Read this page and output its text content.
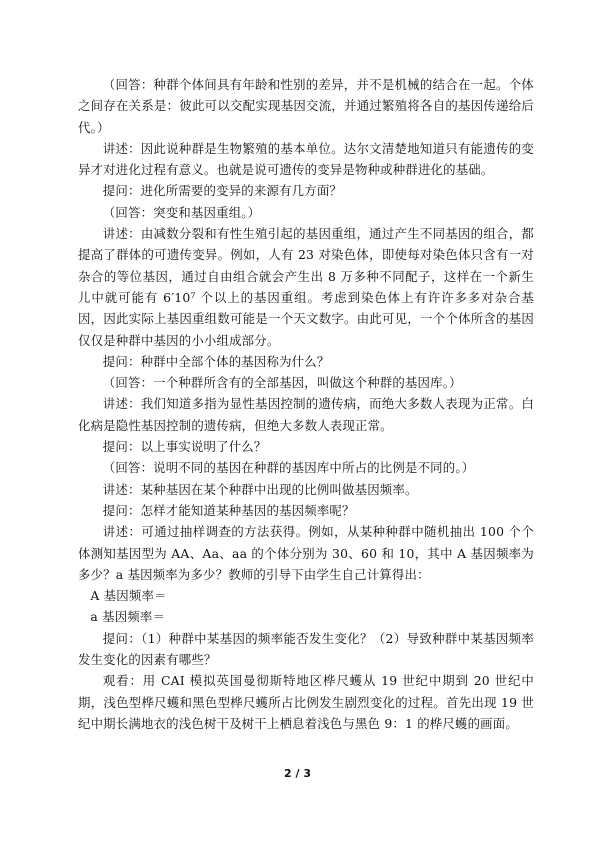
（回答：种群个体间具有年龄和性别的差异，并不是机械的结合在一起。个体之间存在关系是：彼此可以交配实现基因交流，并通过繁殖将各自的基因传递给后代。）

讲述：因此说种群是生物繁殖的基本单位。达尔文清楚地知道只有能遗传的变异才对进化过程有意义。也就是说可遗传的变异是物种或种群进化的基础。

提问：进化所需要的变异的来源有几方面？

（回答：突变和基因重组。）

讲述：由减数分裂和有性生殖引起的基因重组，通过产生不同基因的组合，都提高了群体的可遗传变异。例如，人有 23 对染色体，即使每对染色体只含有一对杂合的等位基因，通过自由组合就会产生出 8 万多种不同配子，这样在一个新生儿中就可能有 6′10⁷ 个以上的基因重组。考虑到染色体上有许许多多对杂合基因，因此实际上基因重组数可能是一个天文数字。由此可见，一个个体所含的基因仅仅是种群中基因的小小组成部分。

提问：种群中全部个体的基因称为什么？

（回答：一个种群所含有的全部基因，叫做这个种群的基因库。）

讲述：我们知道多指为显性基因控制的遗传病，而绝大多数人表现为正常。白化病是隐性基因控制的遗传病，但绝大多数人表现正常。

提问：以上事实说明了什么？

（回答：说明不同的基因在种群的基因库中所占的比例是不同的。）

讲述：某种基因在某个种群中出现的比例叫做基因频率。

提问：怎样才能知道某种基因的基因频率呢？

讲述：可通过抽样调查的方法获得。例如，从某种种群中随机抽出 100 个个体测知基因型为 AA、Aa、aa 的个体分别为 30、60 和 10，其中 A 基因频率为多少？a 基因频率为多少？教师的引导下由学生自己计算得出：

A 基因频率＝

a 基因频率＝

提问：（1）种群中某基因的频率能否发生变化？（2）导致种群中某基因频率发生变化的因素有哪些？

观看：用 CAI 模拟英国曼彻斯特地区桦尺蠖从 19 世纪中期到 20 世纪中期，浅色型桦尺蠖和黑色型桦尺蠖所占比例发生剧烈变化的过程。首先出现 19 世纪中期长满地衣的浅色树干及树干上栖息着浅色与黑色 9：1 的桦尺蠖的画面。

2 / 3
